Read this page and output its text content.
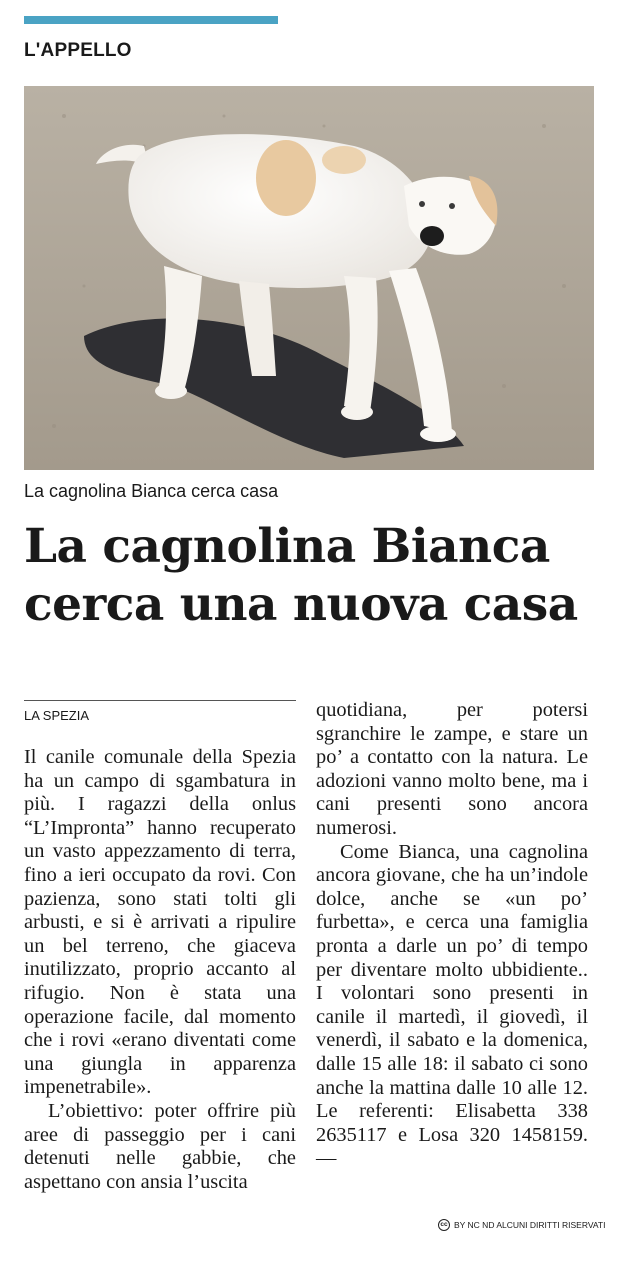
L'APPELLO
La cagnolina Bianca cerca casa
La cagnolina Bianca
cerca una nuova casa
LA SPEZIA

Il canile comunale della Spezia ha un campo di sgambatura in più. I ragazzi della onlus “L’Impronta” hanno recuperato un vasto appezzamento di terra, fino a ieri occupato da rovi. Con pazienza, sono stati tolti gli arbusti, e si è arrivati a ripulire un bel terreno, che giaceva inutilizzato, proprio accanto al rifugio. Non è stata una operazione facile, dal momento che i rovi «erano diventati come una giungla in apparenza impenetrabile».

L’obiettivo: poter offrire più aree di passeggio per i cani detenuti nelle gabbie, che aspettano con ansia l’uscita

quotidiana, per potersi sgranchire le zampe, e stare un po’ a contatto con la natura. Le adozioni vanno molto bene, ma i cani presenti sono ancora numerosi.

Come Bianca, una cagnolina ancora giovane, che ha un’indole dolce, anche se «un po’ furbetta», e cerca una famiglia pronta a darle un po’ di tempo per diventare molto ubbidiente.. I volontari sono presenti in canile il martedì, il giovedì, il venerdì, il sabato e la domenica, dalle 15 alle 18: il sabato ci sono anche la mattina dalle 10 alle 12. Le referenti: Elisabetta 338 2635117 e Losa 320 1458159. —

cc BY NC ND ALCUNI DIRITTI RISERVATI
